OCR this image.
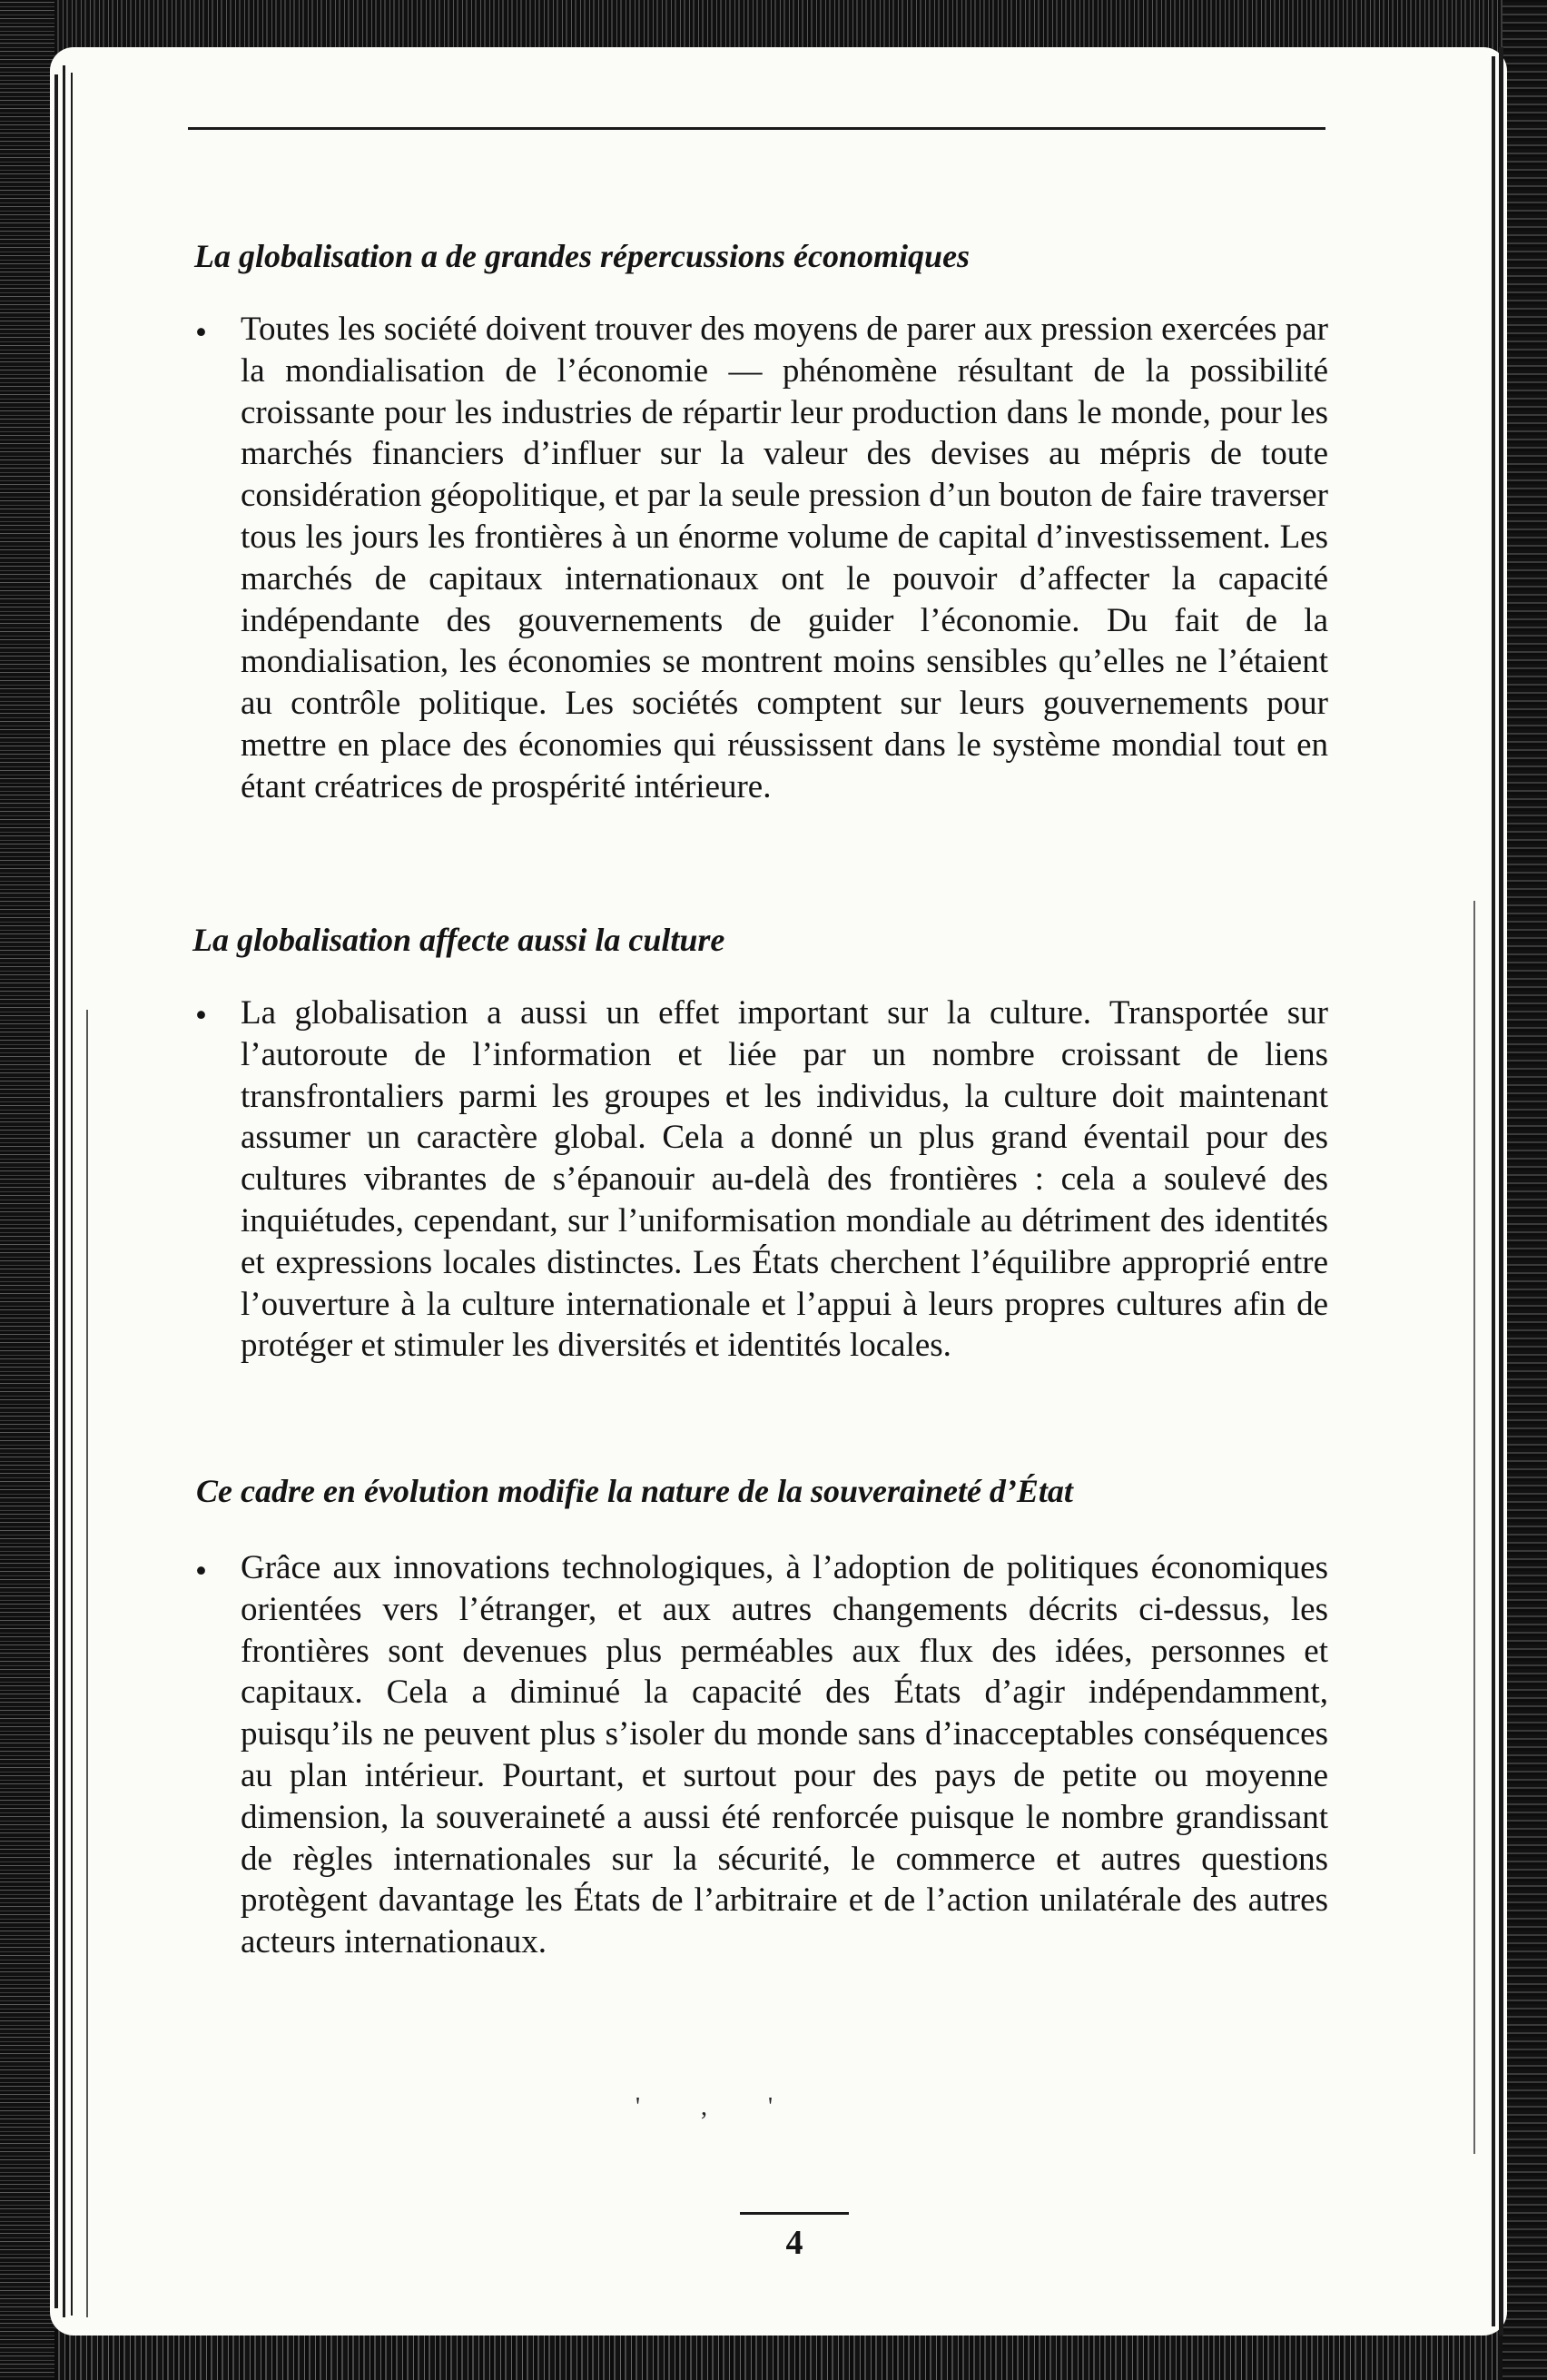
La globalisation a de grandes répercussions économiques
• Toutes les société doivent trouver des moyens de parer aux pression exercées par la mondialisation de l’économie — phénomène résultant de la possibilité croissante pour les industries de répartir leur production dans le monde, pour les marchés financiers d’influer sur la valeur des devises au mépris de toute considération géopolitique, et par la seule pression d’un bouton de faire traverser tous les jours les frontières à un énorme volume de capital d’investissement. Les marchés de capitaux internationaux ont le pouvoir d’affecter la capacité indépendante des gouvernements de guider l’économie. Du fait de la mondialisation, les économies se montrent moins sensibles qu’elles ne l’étaient au contrôle politique. Les sociétés comptent sur leurs gouvernements pour mettre en place des économies qui réussissent dans le système mondial tout en étant créatrices de prospérité intérieure.

La globalisation affecte aussi la culture
• La globalisation a aussi un effet important sur la culture. Transportée sur l’autoroute de l’information et liée par un nombre croissant de liens transfrontaliers parmi les groupes et les individus, la culture doit maintenant assumer un caractère global. Cela a donné un plus grand éventail pour des cultures vibrantes de s’épanouir au-delà des frontières : cela a soulevé des inquiétudes, cependant, sur l’uniformisation mondiale au détriment des identités et expressions locales distinctes. Les États cherchent l’équilibre approprié entre l’ouverture à la culture internationale et l’appui à leurs propres cultures afin de protéger et stimuler les diversités et identités locales.

Ce cadre en évolution modifie la nature de la souveraineté d’État
• Grâce aux innovations technologiques, à l’adoption de politiques économiques orientées vers l’étranger, et aux autres changements décrits ci-dessus, les frontières sont devenues plus perméables aux flux des idées, personnes et capitaux. Cela a diminué la capacité des États d’agir indépendamment, puisqu’ils ne peuvent plus s’isoler du monde sans d’inacceptables conséquences au plan intérieur. Pourtant, et surtout pour des pays de petite ou moyenne dimension, la souveraineté a aussi été renforcée puisque le nombre grandissant de règles internationales sur la sécurité, le commerce et autres questions protègent davantage les États de l’arbitraire et de l’action unilatérale des autres acteurs internationaux.

' , '
4
